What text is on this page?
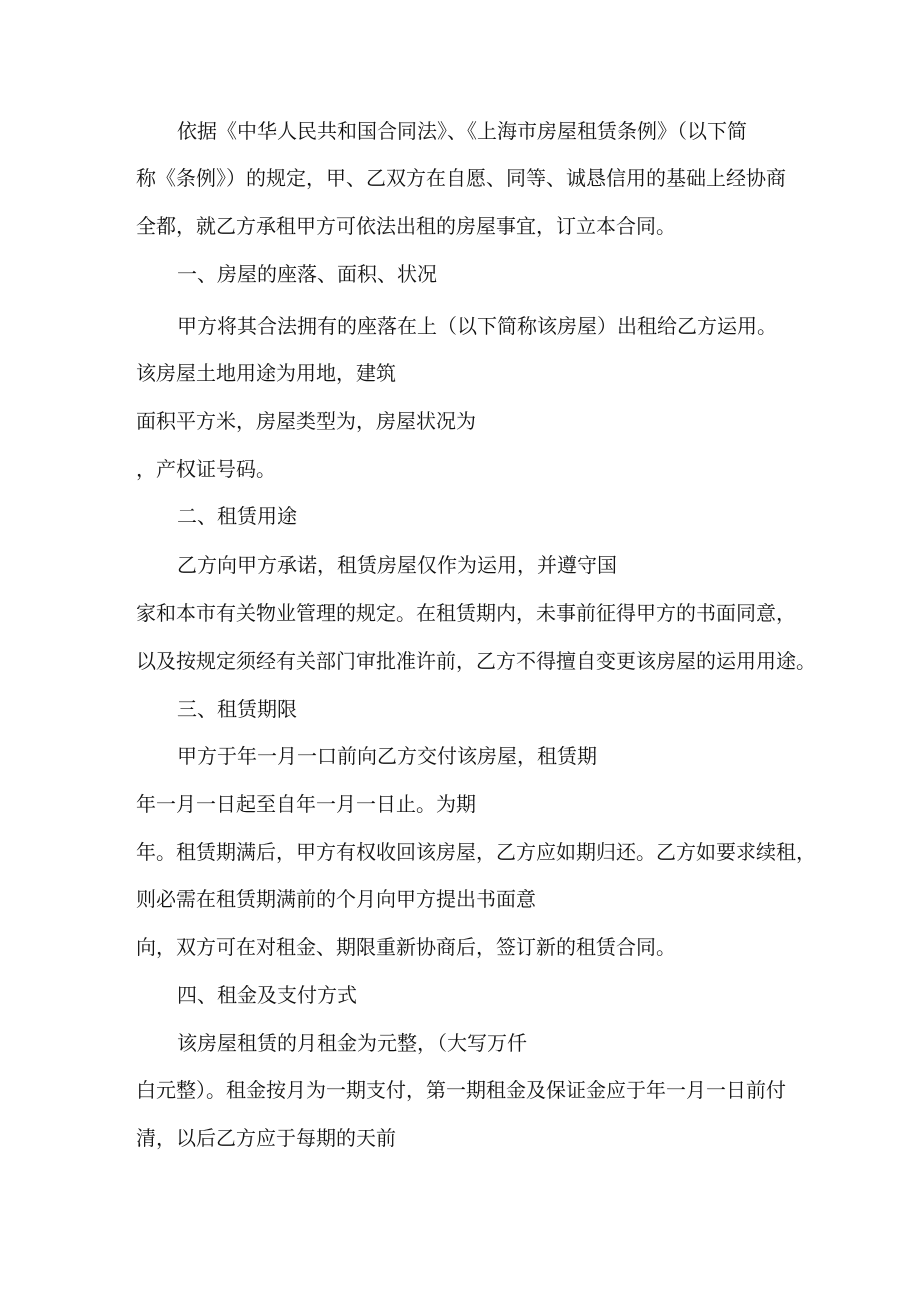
依据《中华人民共和国合同法》、《上海市房屋租赁条例》（以下简
称《条例》）的规定，甲、乙双方在自愿、同等、诚恳信用的基础上经协商
全都，就乙方承租甲方可依法出租的房屋事宜，订立本合同。
一、房屋的座落、面积、状况
甲方将其合法拥有的座落在上（以下简称该房屋）出租给乙方运用。
该房屋土地用途为用地，建筑
面积平方米，房屋类型为，房屋状况为
，产权证号码。
二、租赁用途
乙方向甲方承诺，租赁房屋仅作为运用，并遵守国
家和本市有关物业管理的规定。在租赁期内，未事前征得甲方的书面同意，
以及按规定须经有关部门审批准许前，乙方不得擅自变更该房屋的运用用途。
三、租赁期限
甲方于年一月一口前向乙方交付该房屋，租赁期
年一月一日起至自年一月一日止。为期
年。租赁期满后，甲方有权收回该房屋，乙方应如期归还。乙方如要求续租，
则必需在租赁期满前的个月向甲方提出书面意
向，双方可在对租金、期限重新协商后，签订新的租赁合同。
四、租金及支付方式
该房屋租赁的月租金为元整，（大写万仟
白元整）。租金按月为一期支付，第一期租金及保证金应于年一月一日前付
清，以后乙方应于每期的天前
